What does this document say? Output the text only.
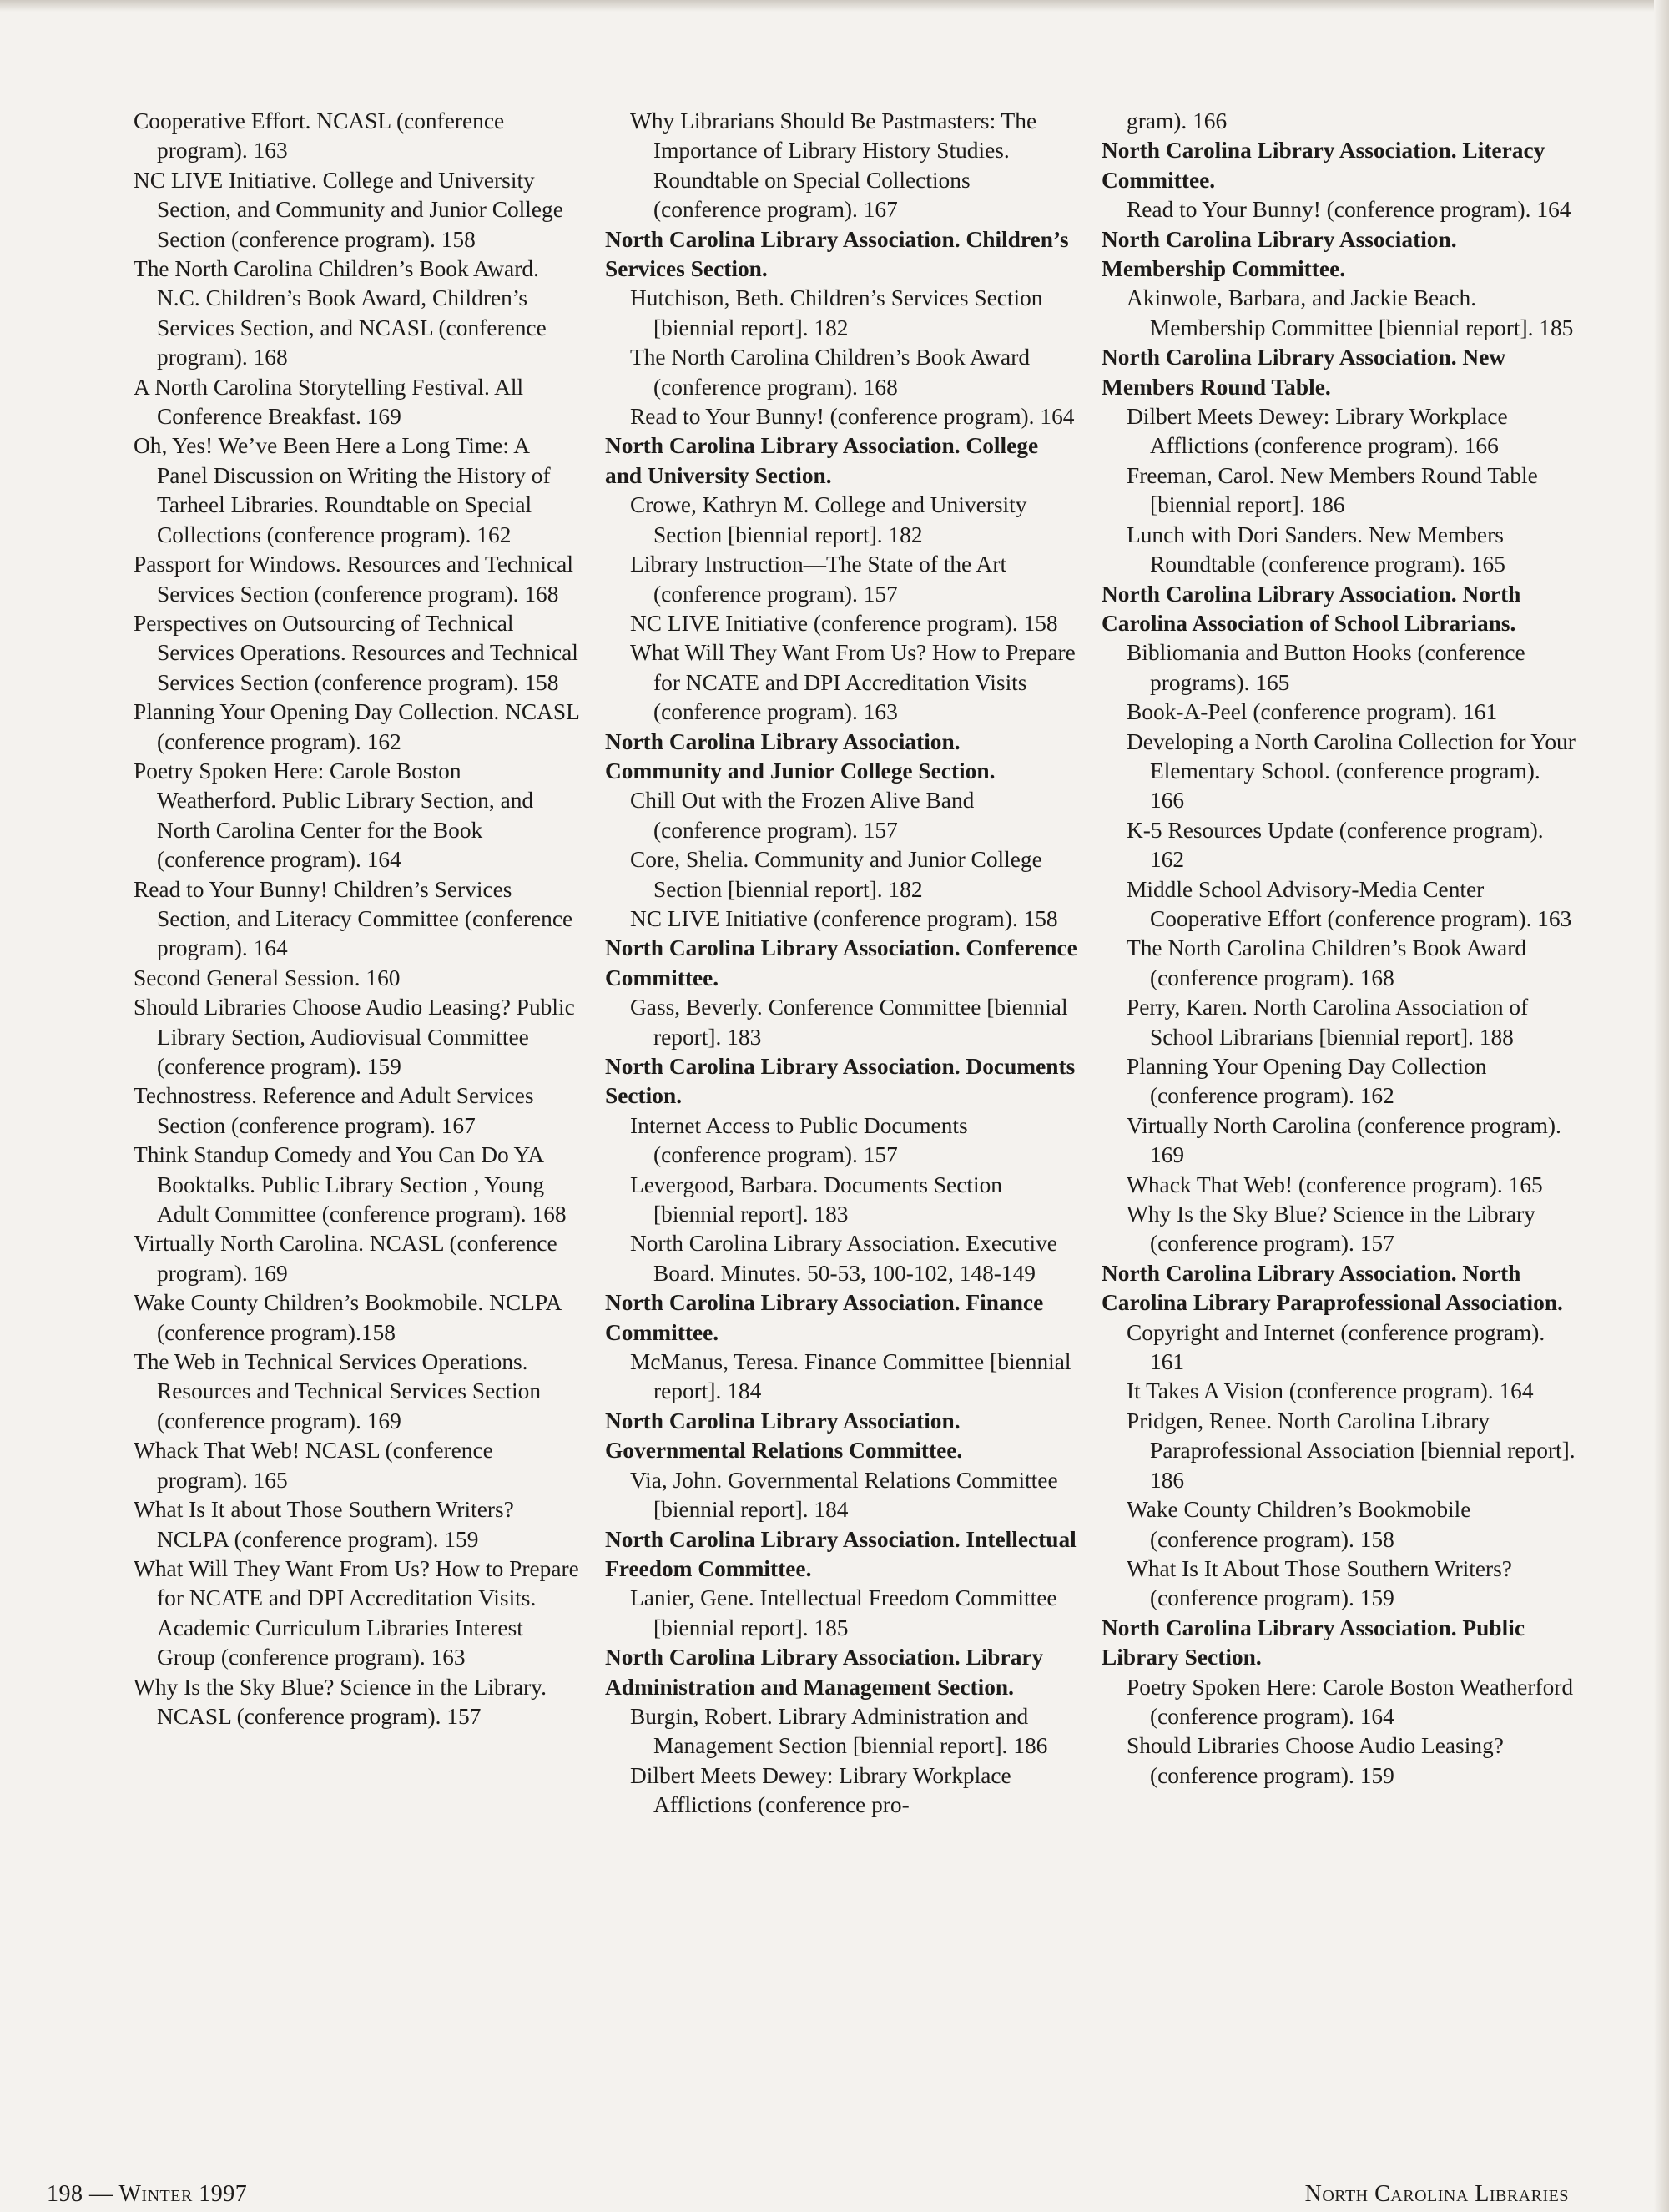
Cooperative Effort. NCASL (conference program). 163
NC LIVE Initiative. College and University Section, and Community and Junior College Section (conference program). 158
The North Carolina Children’s Book Award. N.C. Children’s Book Award, Children’s Services Section, and NCASL (conference program). 168
A North Carolina Storytelling Festival. All Conference Breakfast. 169
Oh, Yes! We’ve Been Here a Long Time: A Panel Discussion on Writing the History of Tarheel Libraries. Roundtable on Special Collections (conference program). 162
Passport for Windows. Resources and Technical Services Section (conference program). 168
Perspectives on Outsourcing of Technical Services Operations. Resources and Technical Services Section (conference program). 158
Planning Your Opening Day Collection. NCASL (conference program). 162
Poetry Spoken Here: Carole Boston Weatherford. Public Library Section, and North Carolina Center for the Book (conference program). 164
Read to Your Bunny! Children’s Services Section, and Literacy Committee (conference program). 164
Second General Session. 160
Should Libraries Choose Audio Leasing? Public Library Section, Audiovisual Committee (conference program). 159
Technostress. Reference and Adult Services Section (conference program). 167
Think Standup Comedy and You Can Do YA Booktalks. Public Library Section , Young Adult Committee (conference program). 168
Virtually North Carolina. NCASL (conference program). 169
Wake County Children’s Bookmobile. NCLPA (conference program).158
The Web in Technical Services Operations. Resources and Technical Services Section (conference program). 169
Whack That Web! NCASL (conference program). 165
What Is It about Those Southern Writers? NCLPA (conference program). 159
What Will They Want From Us? How to Prepare for NCATE and DPI Accreditation Visits. Academic Curriculum Libraries Interest Group (conference program). 163
Why Is the Sky Blue? Science in the Library. NCASL (conference program). 157
Why Librarians Should Be Pastmasters: The Importance of Library History Studies. Roundtable on Special Collections (conference program). 167
North Carolina Library Association. Children’s Services Section.
Hutchison, Beth. Children’s Services Section [biennial report]. 182
The North Carolina Children’s Book Award (conference program). 168
Read to Your Bunny! (conference program). 164
North Carolina Library Association. College and University Section.
Crowe, Kathryn M. College and University Section [biennial report]. 182
Library Instruction—The State of the Art (conference program). 157
NC LIVE Initiative (conference program). 158
What Will They Want From Us? How to Prepare for NCATE and DPI Accreditation Visits (conference program). 163
North Carolina Library Association. Community and Junior College Section.
Chill Out with the Frozen Alive Band (conference program). 157
Core, Shelia. Community and Junior College Section [biennial report]. 182
NC LIVE Initiative (conference program). 158
North Carolina Library Association. Conference Committee.
Gass, Beverly. Conference Committee [biennial report]. 183
North Carolina Library Association. Documents Section.
Internet Access to Public Documents (conference program). 157
Levergood, Barbara. Documents Section [biennial report]. 183
North Carolina Library Association. Executive Board. Minutes. 50-53, 100-102, 148-149
North Carolina Library Association. Finance Committee.
McManus, Teresa. Finance Committee [biennial report]. 184
North Carolina Library Association. Governmental Relations Committee.
Via, John. Governmental Relations Committee [biennial report]. 184
North Carolina Library Association. Intellectual Freedom Committee.
Lanier, Gene. Intellectual Freedom Committee [biennial report]. 185
North Carolina Library Association. Library Administration and Management Section.
Burgin, Robert. Library Administration and Management Section [biennial report]. 186
Dilbert Meets Dewey: Library Workplace Afflictions (conference pro-
gram). 166
North Carolina Library Association. Literacy Committee.
Read to Your Bunny! (conference program). 164
North Carolina Library Association. Membership Committee.
Akinwole, Barbara, and Jackie Beach. Membership Committee [biennial report]. 185
North Carolina Library Association. New Members Round Table.
Dilbert Meets Dewey: Library Workplace Afflictions (conference program). 166
Freeman, Carol. New Members Round Table [biennial report]. 186
Lunch with Dori Sanders. New Members Roundtable (conference program). 165
North Carolina Library Association. North Carolina Association of School Librarians.
Bibliomania and Button Hooks (conference programs). 165
Book-A-Peel (conference program). 161
Developing a North Carolina Collection for Your Elementary School. (conference program). 166
K-5 Resources Update (conference program). 162
Middle School Advisory-Media Center Cooperative Effort (conference program). 163
The North Carolina Children’s Book Award (conference program). 168
Perry, Karen. North Carolina Association of School Librarians [biennial report]. 188
Planning Your Opening Day Collection (conference program). 162
Virtually North Carolina (conference program). 169
Whack That Web! (conference program). 165
Why Is the Sky Blue? Science in the Library (conference program). 157
North Carolina Library Association. North Carolina Library Paraprofessional Association.
Copyright and Internet (conference program). 161
It Takes A Vision (conference program). 164
Pridgen, Renee. North Carolina Library Paraprofessional Association [biennial report]. 186
Wake County Children’s Bookmobile (conference program). 158
What Is It About Those Southern Writers? (conference program). 159
North Carolina Library Association. Public Library Section.
Poetry Spoken Here: Carole Boston Weatherford (conference program). 164
Should Libraries Choose Audio Leasing? (conference program). 159
198 — Winter 1997	North Carolina Libraries
